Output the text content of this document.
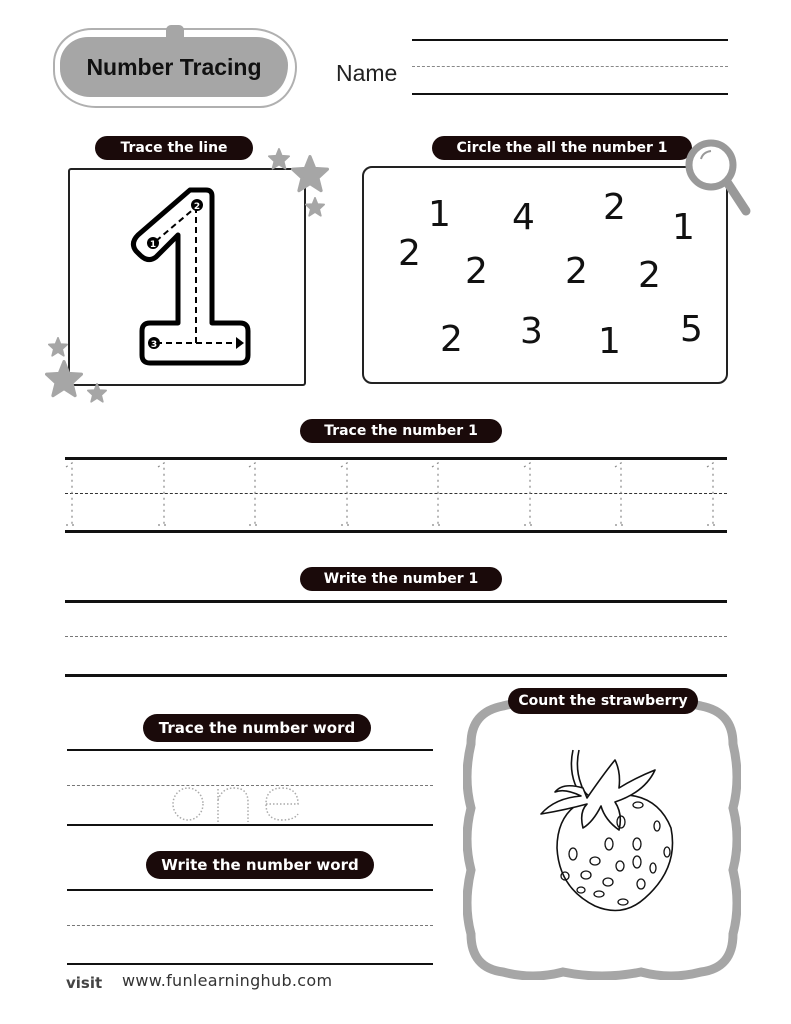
Number Tracing	Name
Trace the line
1
2
3
Circle the all the number 1
1 4 2 1
2 2 2 2
2 3 1 5
Trace the number 1
Write the number 1
Trace the number word
Write the number word
Count the strawberry
visit www.funlearninghub.com
